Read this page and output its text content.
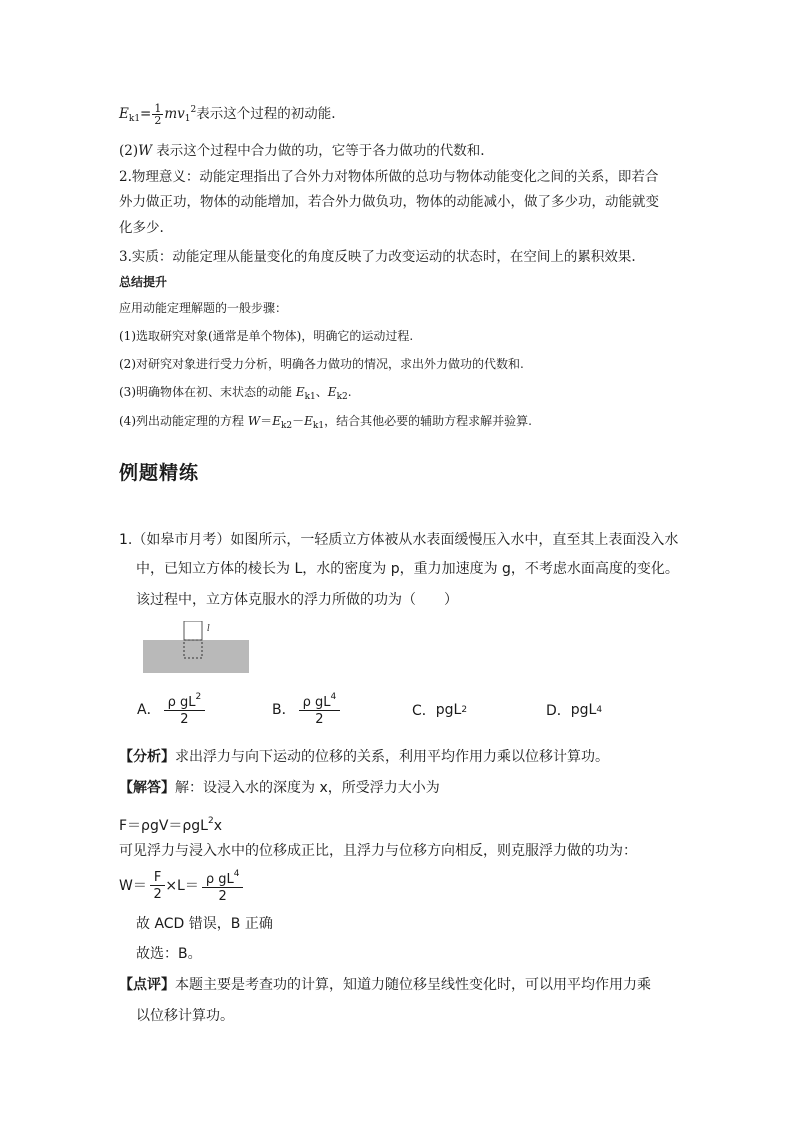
$E_{k1}= \frac{1}{2} mv_1^2$表示这个过程的初动能.
(2)W 表示这个过程中合力做的功，它等于各力做功的代数和.
2.物理意义：动能定理指出了合外力对物体所做的总功与物体动能变化之间的关系，即若合
外力做正功，物体的动能增加，若合外力做负功，物体的动能减小，做了多少功，动能就变
化多少.
3.实质：动能定理从能量变化的角度反映了力改变运动的状态时，在空间上的累积效果.
总结提升
应用动能定理解题的一般步骤：
(1)选取研究对象(通常是单个物体)，明确它的运动过程.
(2)对研究对象进行受力分析，明确各力做功的情况，求出外力做功的代数和.
(3)明确物体在初、末状态的动能 $E_{k1}$、$E_{k2}$.
(4)列出动能定理的方程 $W=E_{k2}-E_{k1}$，结合其他必要的辅助方程求解并验算.
例题精练
1.（如皋市月考）如图所示，一轻质立方体被从水表面缓慢压入水中，直至其上表面没入水
中，已知立方体的棱长为 L，水的密度为 p，重力加速度为 g，不考虑水面高度的变化。
该过程中，立方体克服水的浮力所做的功为（　　）
l
A． ρ $gL^2$
2
B． ρ $gL^4$
2
C． pgL 2	D． pgL 4
【分析】求出浮力与向下运动的位移的关系，利用平均作用力乘以位移计算功。
【解答】解：设浸入水的深度为 x，所受浮力大小为
F＝ρgV＝ρgL$^2$x
可见浮力与浸入水中的位移成正比，且浮力与位移方向相反，则克服浮力做的功为：
$W= \frac{F}{2} \times L= \rho$ $gL^4$
2
故 ACD 错误，B 正确
故选：B。
【点评】本题主要是考查功的计算，知道力随位移呈线性变化时，可以用平均作用力乘
以位移计算功。
